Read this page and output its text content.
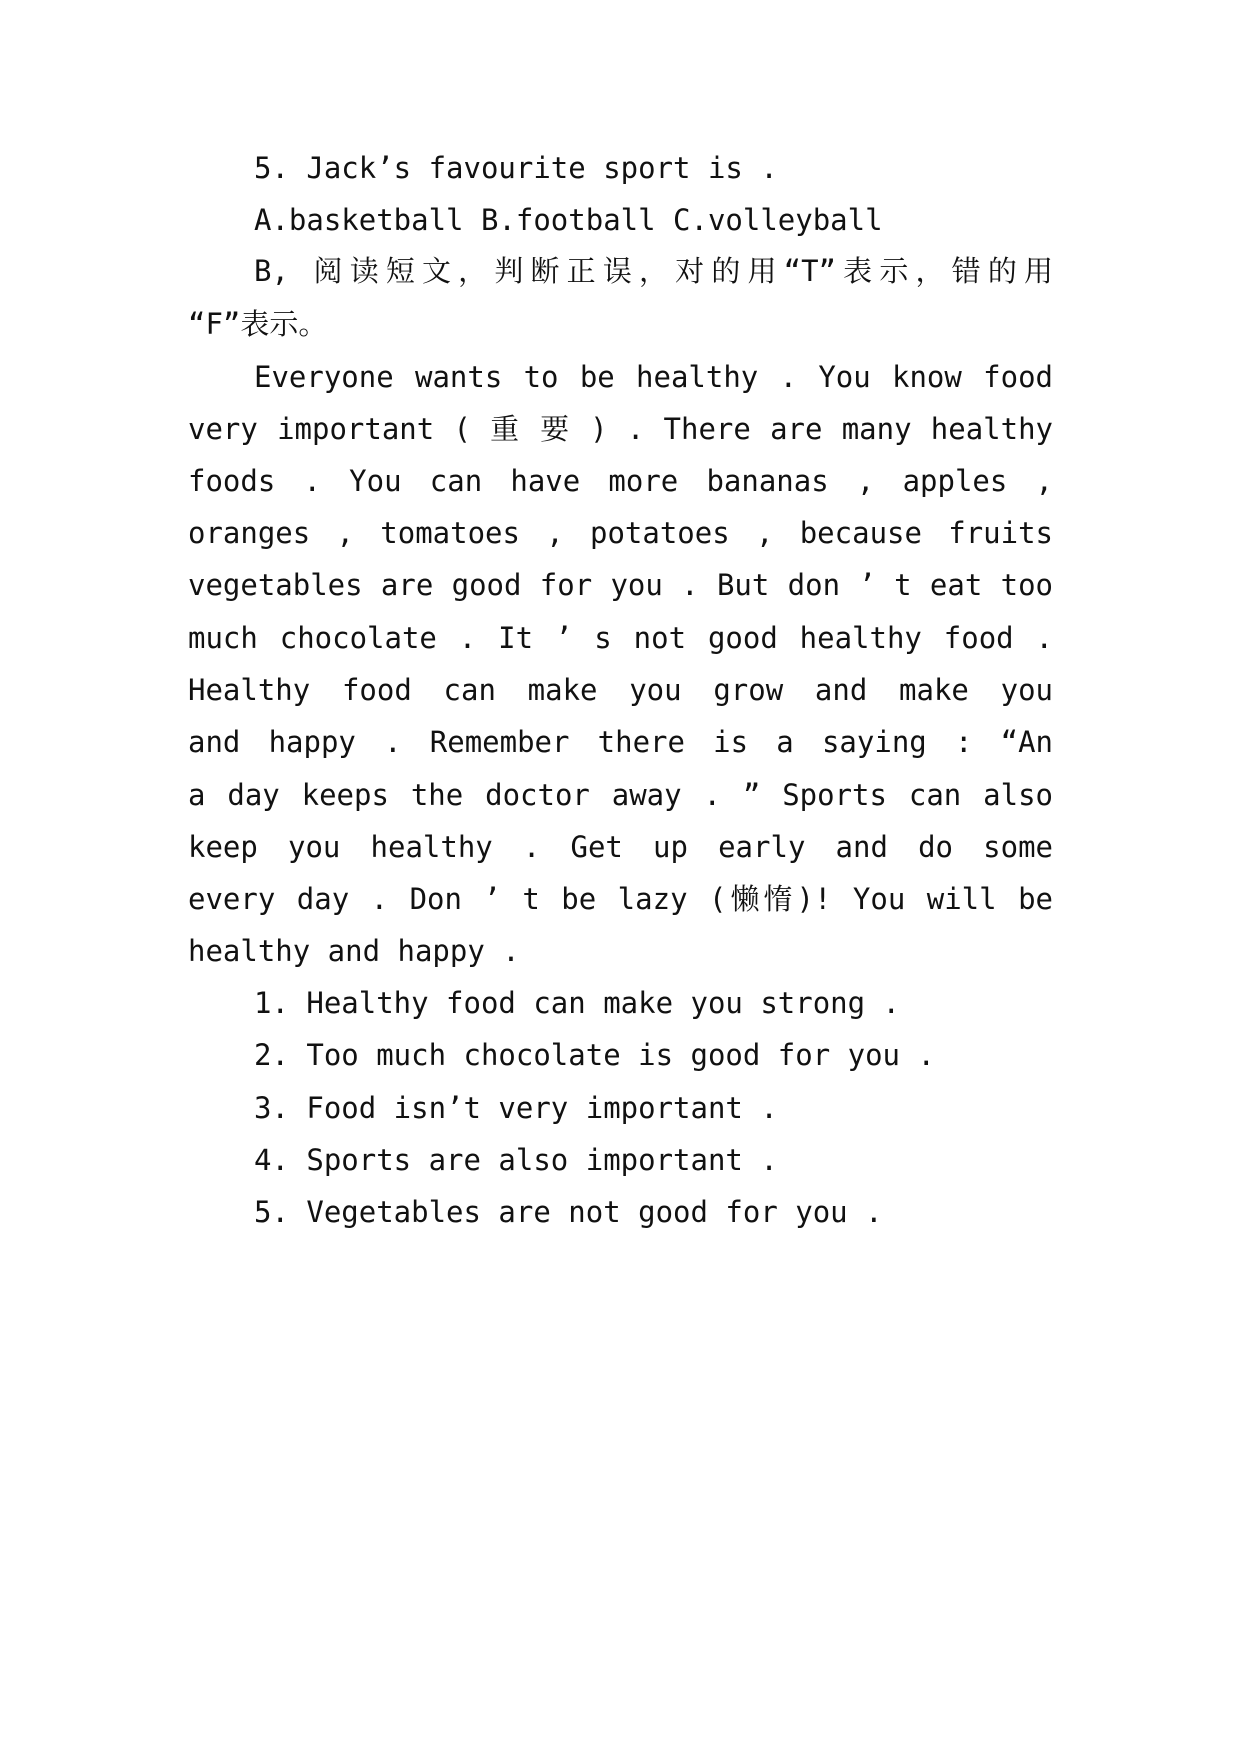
5. Jack’s favourite sport is .
A.basketball B.football C.volleyball
B, 阅读短文，判断正误，对的用“T”表示，错的用
“F”表示。
Everyone wants to be healthy . You know food
very important ( 重 要 ) . There are many healthy
foods . You can have more bananas , apples ,
oranges , tomatoes , potatoes , because fruits
vegetables are good for you . But don ’ t eat too
much chocolate . It ’ s not good healthy food .
Healthy food can make you grow and make you
and happy . Remember there is a saying : “An
a day keeps the doctor away . ” Sports can also
keep you healthy . Get up early and do some
every day . Don ’ t be lazy (懒惰)! You will be
healthy and happy .
1. Healthy food can make you strong .
2. Too much chocolate is good for you .
3. Food isn’t very important .
4. Sports are also important .
5. Vegetables are not good for you .
